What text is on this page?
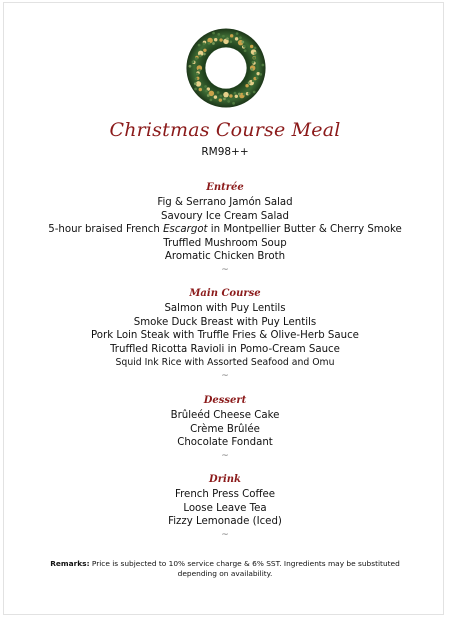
Christmas Course Meal
RM98++
Entrée
Fig & Serrano Jamón Salad
Savoury Ice Cream Salad
5-hour braised French Escargot in Montpellier Butter & Cherry Smoke
Truffled Mushroom Soup
Aromatic Chicken Broth
~
Main Course
Salmon with Puy Lentils
Smoke Duck Breast with Puy Lentils
Pork Loin Steak with Truffle Fries & Olive-Herb Sauce
Truffled Ricotta Ravioli in Pomo-Cream Sauce
Squid Ink Rice with Assorted Seafood and Omu
~
Dessert
Brûleéd Cheese Cake
Crème Brûlée
Chocolate Fondant
~
Drink
French Press Coffee
Loose Leave Tea
Fizzy Lemonade (Iced)
~
Remarks: Price is subjected to 10% service charge & 6% SST. Ingredients may be substituted depending on availability.
